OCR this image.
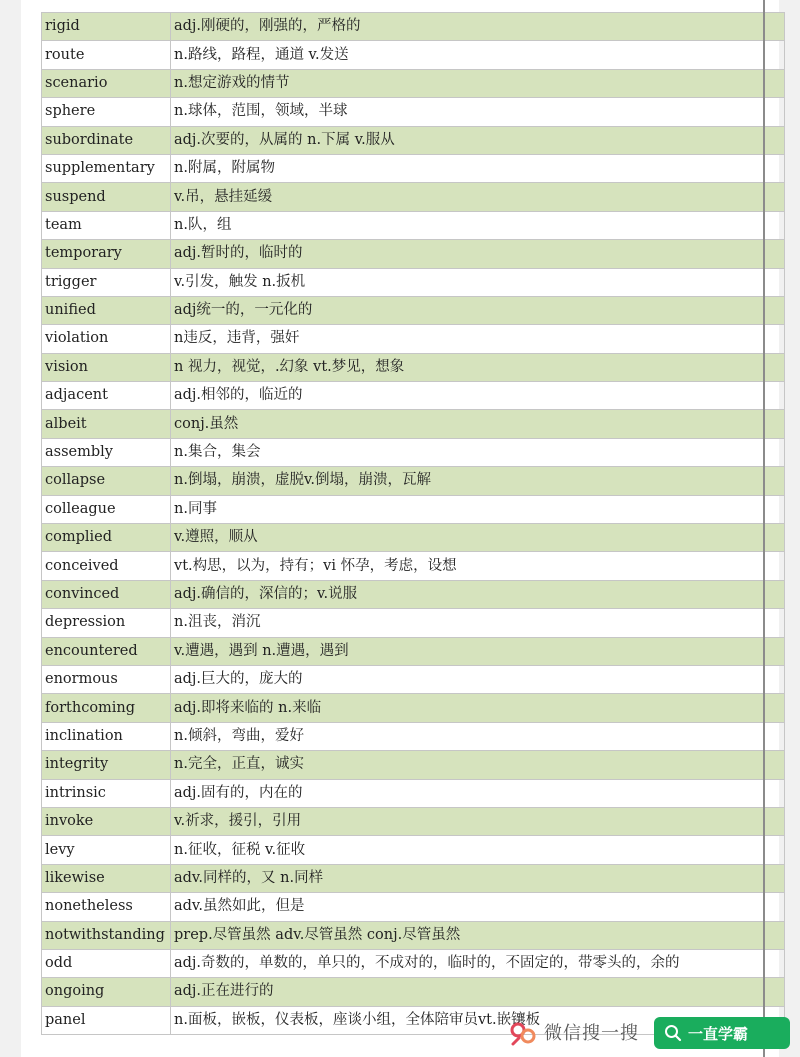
rigid	adj.刚硬的，刚强的，严格的
route	n.路线，路程，通道 v.发送
scenario	n.想定游戏的情节
sphere	n.球体，范围，领域，半球
subordinate	adj.次要的，从属的 n.下属 v.服从
supplementary	n.附属，附属物
suspend	v.吊，悬挂延缓
team	n.队，组
temporary	adj.暂时的，临时的
trigger	v.引发，触发 n.扳机
unified	adj统一的，一元化的
violation	n违反，违背，强奸
vision	n 视力，视觉，.幻象 vt.梦见，想象
adjacent	adj.相邻的，临近的
albeit	conj.虽然
assembly	n.集合，集会
collapse	n.倒塌，崩溃，虚脱v.倒塌，崩溃，瓦解
colleague	n.同事
complied	v.遵照，顺从
conceived	vt.构思，以为，持有；vi 怀孕，考虑，设想
convinced	adj.确信的，深信的；v.说服
depression	n.沮丧，消沉
encountered	v.遭遇，遇到 n.遭遇，遇到
enormous	adj.巨大的，庞大的
forthcoming	adj.即将来临的 n.来临
inclination	n.倾斜，弯曲，爱好
integrity	n.完全，正直，诚实
intrinsic	adj.固有的，内在的
invoke	v.祈求，援引，引用
levy	n.征收，征税 v.征收
likewise	adv.同样的，又 n.同样
nonetheless	adv.虽然如此，但是
notwithstanding	prep.尽管虽然 adv.尽管虽然 conj.尽管虽然
odd	adj.奇数的，单数的，单只的，不成对的，临时的，不固定的，带零头的，余的
ongoing	adj.正在进行的
panel	n.面板，嵌板，仪表板，座谈小组，全体陪审员vt.嵌镶板
微信搜一搜	一直学霸
